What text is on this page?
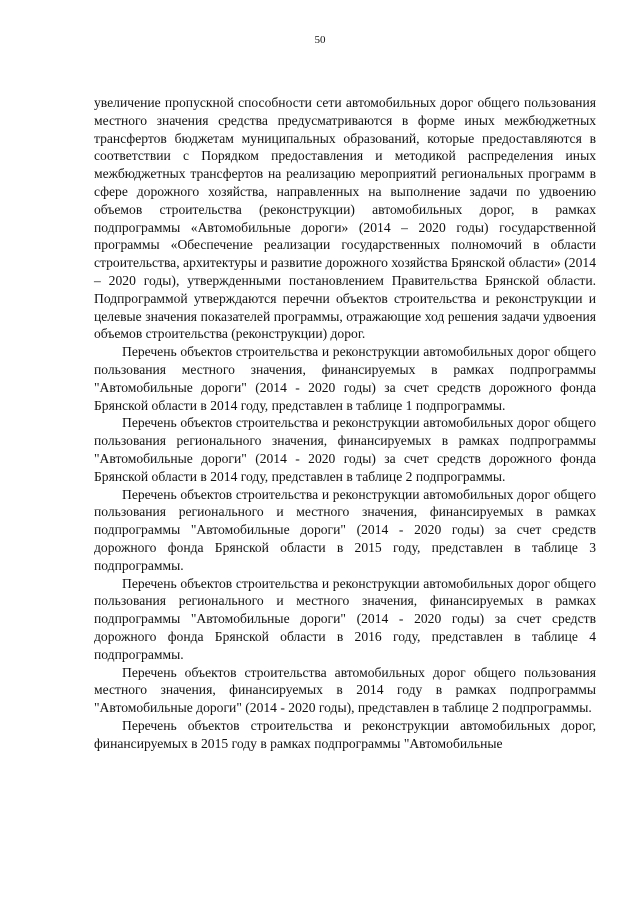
50

увеличение пропускной способности сети автомобильных дорог общего пользования местного значения средства предусматриваются в форме иных межбюджетных трансфертов бюджетам муниципальных образований, которые предоставляются в соответствии с Порядком предоставления и методикой распределения иных межбюджетных трансфертов на реализацию мероприятий региональных программ в сфере дорожного хозяйства, направленных на выполнение задачи по удвоению объемов строительства (реконструкции) автомобильных дорог, в рамках подпрограммы «Автомобильные дороги» (2014 – 2020 годы) государственной программы «Обеспечение реализации государственных полномочий в области строительства, архитектуры и развитие дорожного хозяйства Брянской области» (2014 – 2020 годы), утвержденными постановлением Правительства Брянской области. Подпрограммой утверждаются перечни объектов строительства и реконструкции и целевые значения показателей программы, отражающие ход решения задачи удвоения объемов строительства (реконструкции) дорог.

Перечень объектов строительства и реконструкции автомобильных дорог общего пользования местного значения, финансируемых в рамках подпрограммы "Автомобильные дороги" (2014 - 2020 годы) за счет средств дорожного фонда Брянской области в 2014 году, представлен в таблице 1 подпрограммы.

Перечень объектов строительства и реконструкции автомобильных дорог общего пользования регионального значения, финансируемых в рамках подпрограммы "Автомобильные дороги" (2014 - 2020 годы) за счет средств дорожного фонда Брянской области в 2014 году, представлен в таблице 2 подпрограммы.

Перечень объектов строительства и реконструкции автомобильных дорог общего пользования регионального и местного значения, финансируемых в рамках подпрограммы "Автомобильные дороги" (2014 - 2020 годы) за счет средств дорожного фонда Брянской области в 2015 году, представлен в таблице 3 подпрограммы.

Перечень объектов строительства и реконструкции автомобильных дорог общего пользования регионального и местного значения, финансируемых в рамках подпрограммы "Автомобильные дороги" (2014 - 2020 годы) за счет средств дорожного фонда Брянской области в 2016 году, представлен в таблице 4 подпрограммы.

Перечень объектов строительства автомобильных дорог общего пользования местного значения, финансируемых в 2014 году в рамках подпрограммы "Автомобильные дороги" (2014 - 2020 годы), представлен в таблице 2 подпрограммы.

Перечень объектов строительства и реконструкции автомобильных дорог, финансируемых в 2015 году в рамках подпрограммы "Автомобильные
